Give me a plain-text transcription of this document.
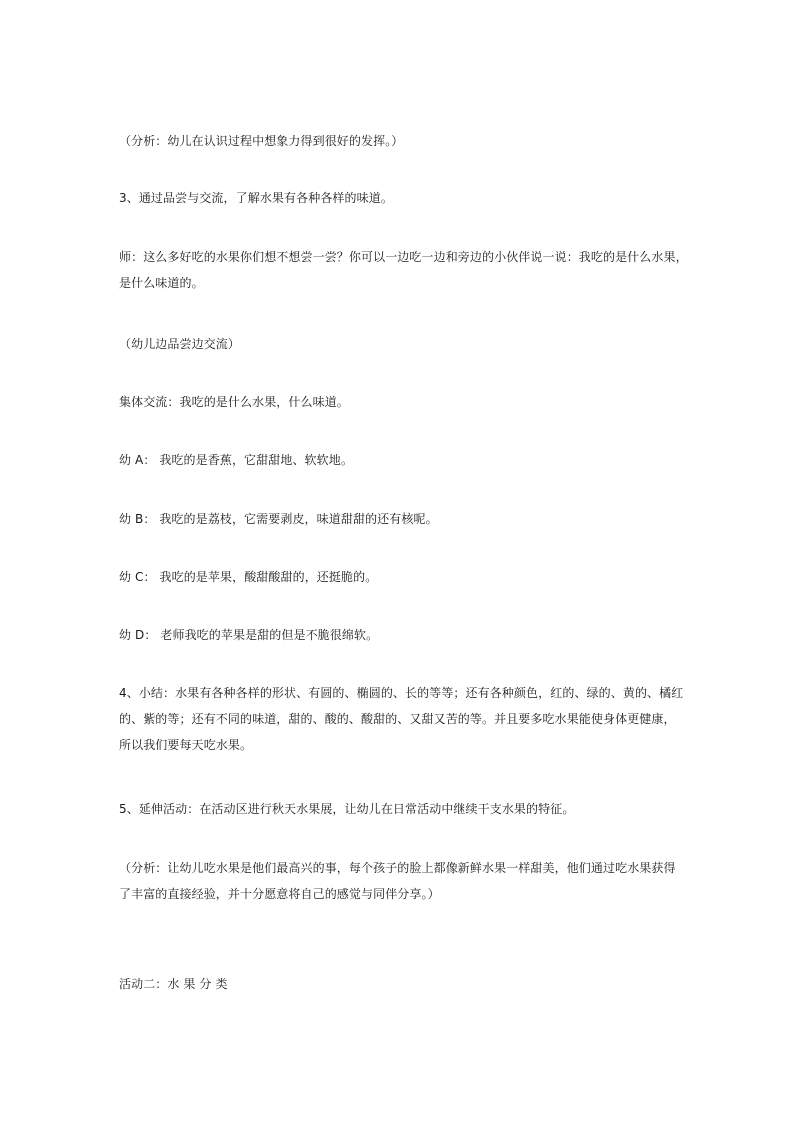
（分析：幼儿在认识过程中想象力得到很好的发挥。）

3、通过品尝与交流，了解水果有各种各样的味道。

师：这么多好吃的水果你们想不想尝一尝？你可以一边吃一边和旁边的小伙伴说一说：我吃的是什么水果，
是什么味道的。

（幼儿边品尝边交流）

集体交流：我吃的是什么水果，什么味道。

幼 A： 我吃的是香蕉，它甜甜地、软软地。

幼 B： 我吃的是荔枝，它需要剥皮，味道甜甜的还有核呢。

幼 C： 我吃的是苹果，酸甜酸甜的，还挺脆的。

幼 D： 老师我吃的苹果是甜的但是不脆很绵软。

4、小结：水果有各种各样的形状、有圆的、椭圆的、长的等等；还有各种颜色，红的、绿的、黄的、橘红
的、紫的等；还有不同的味道，甜的、酸的、酸甜的、又甜又苦的等。并且要多吃水果能使身体更健康，
所以我们要每天吃水果。

5、延伸活动：在活动区进行秋天水果展，让幼儿在日常活动中继续干支水果的特征。

（分析：让幼儿吃水果是他们最高兴的事，每个孩子的脸上都像新鲜水果一样甜美，他们通过吃水果获得
了丰富的直接经验，并十分愿意将自己的感觉与同伴分享。）

活动二：水 果 分 类
